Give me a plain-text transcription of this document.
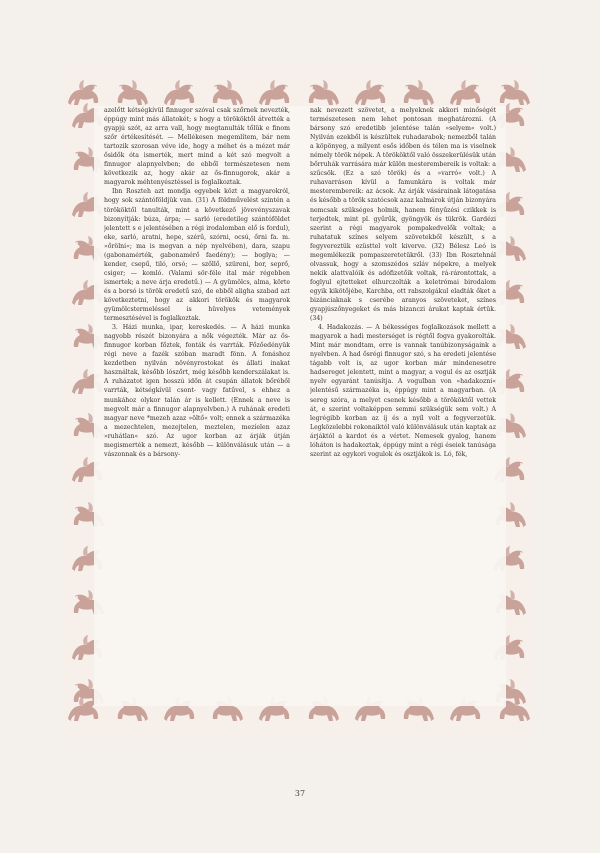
azelőtt kétségkívül finnugor szóval csak szőrnek nevezték, éppúgy mint más állatokét; s hogy a törököktől átvették a gyapjú szót, az arra vall, hogy megtanulták tőlük e finom szőr értékesítését. — Mellékesen megemlítem, bár nem tartozik szorosan véve ide, hogy a méhet és a mézet már ősidők óta ismerték, mert mind a két szó megvolt a finnugor alapnyelvben; de ebből természetesen nem következik az, hogy akár az ős-finnugorok, akár a magyarok méhtenyésztéssel is foglalkoztak.

Ibn Roszteh azt mondja egyebek közt a magyarokról, hogy sok szántóföldjük van. (31) A földművelést szintén a törököktől tanulták, mint a következő jövevényszavak bizonyítják: búza, árpa; — sarló (eredetileg szántóföldet jelentett s e jelentésében a régi irodalomban elő is fordul), eke, sarló, aratni, hepe, szérű, szórni, ocsú, őrni fa. m. »őrölni«; ma is megvan a nép nyelvében), dara, szapu (gabonamérték, gabonamérő faedény); — boglya; — kender, csepű, tiló, orsó; — szőllő, szüreni, bor, seprő, csiger; — komló. (Valami sör-féle ital már régebben ismertek; a neve árja eredetű.) — A gyümölcs, alma, körte és a borsó is török eredetű szó, de ebből aligha szabad azt következtetni, hogy az akkori törökök és magyarok gyümölcstermeléssel is hüvelyes vetemények termesztésével is foglalkoztak.

3. Házi munka, ipar, kereskedés. — A házi munka nagyobb részét bizonyára a nők végezték. Már az ős-finnugor korban főztek, fonták és varrták. Főzőedényük régi neve a fazék szóban maradt fönn. A fonáshoz kezdetben nyilván növényrostokat és állati inakat használtak, később lószőrt, még később kenderszálakat is. A ruházatot igen hosszú időn át csupán állatok bőréből varrták, kétségkívül csont- vagy fatűvel, s ehhez a munkához olykor talán ár is kellett. (Ennek a neve is megvolt már a finnugor alapnyelvben.) A ruhának eredeti magyar neve *mezeh azaz »öltő« volt; ennek a származéka a mezechtelen, mezejtelen, meztelen, mezíelen azaz »ruhátlan« szó. Az ugor korban az árják útján megismerték a nemezt, később — különválásuk után — a vászonnak és a bársony-

nak nevezett szövetet, a melyeknek akkori minőségét természetesen nem lehet pontosan meghatározni. (A bársony szó eredetibb jelentése talán »selyem« volt.) Nyilván ezekből is készültek ruhadarabok; nemezből talán a köpönyeg, a milyent esős időben és télen ma is viselnek némely török népek. A törököktől való összekerülésük után bőrruhák varrására már külön mesterembereik is voltak: a szűcsök. (Ez a szó török) és a »varró« volt.) A ruhavarráson kívül a famunkára is voltak már mesterembereik: az ácsok. Az árják vásárainak látogatása és később a török szatócsok azaz kalmárok útján bizonyára nemcsak szükséges holmik, hanem fényűzési czikkek is terjedtek, mint pl. gyűrűk, gyöngyök és tükrök. Gardézi szerint a régi magyarok pompakedvelők voltak; a ruhatatuk színes selyem szövetekből készült, s a fegyvereztük ezüsttel volt kiverve. (32) Bélesz Leó is megemlékezik pompaszeretetükről. (33) Ibn Rosztehnál olvassuk, hogy a szomszédos szláv népekre, a melyek nekik alattvalóik és adófizetőik voltak, rá-rárontottak, a foglyul ejtetteket elhurczolták a keletrómai birodalom egyik kikötőjébe, Karchba, ott rabszolgákul eladták őket a bizánciaknak s cserébe aranyos szöveteket, színes gyapjúszőnyegeket és más bizanczi árukat kaptak értük. (34)

4. Hadakozás. — A békességes foglalkozások mellett a magyarok a hadi mesterséget is régtől fogva gyakorolták. Mint már mondtam, erre is vannak tanúbizonyságaink a nyelvben. A had ősrégi finnugor szó, s ha eredeti jelentése tágabb volt is, az ugor korban már mindenesetre hadsereget jelentett, mint a magyar, a vogul és az osztják nyelv egyaránt tanúsítja. A vogulban von »hadakozni« jelentésű származéka is, éppúgy mint a magyarban. (A sereg szóra, a melyet csenek később a törököktől vettek át, e szerint voltaképpen semmi szükségük sem volt.) A legrégibb korban az íj és a nyíl volt a fegyverzetük. Legközelebbi rokonaiktól való különválásuk után kaptak az árjáktól a kardot és a vértet. Nemesek gyalog, hanem lóháton is hadakoztak, éppúgy mint a régi éseiek tanúsága szerint az egykori vogulok és osztjákok is. Ló, fék,

37
